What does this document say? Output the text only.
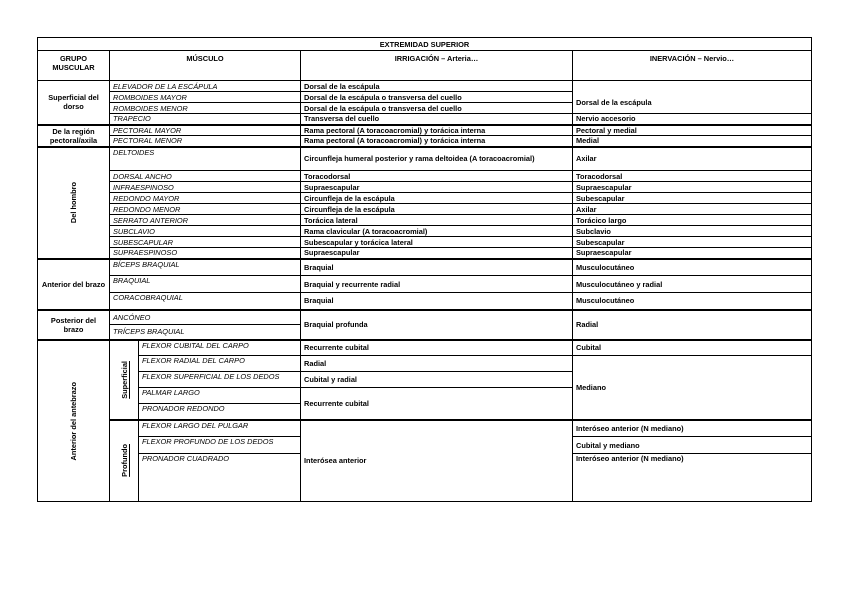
EXTREMIDAD SUPERIOR				
GRUPO MUSCULAR	MÚSCULO		IRRIGACIÓN – Arteria…	INERVACIÓN – Nervio…
Superficial del dorso	ELEVADOR DE LA ESCÁPULA		Dorsal de la escápula	
	ROMBOIDES MAYOR		Dorsal de la escápula o transversa del cuello	Dorsal de la escápula
	ROMBOIDES MENOR		Dorsal de la escápula o transversa del cuello	
	TRAPECIO		Transversa del cuello	Nervio accesorio
De la región pectoral/axila	PECTORAL MAYOR		Rama pectoral (A toracoacromial) y torácica interna	Pectoral y medial
	PECTORAL MENOR		Rama pectoral (A toracoacromial) y torácica interna	Medial

Del hombro	DELTOIDES		Circunfleja humeral posterior y rama deltoidea (A toracoacromial)	Axilar
	DORSAL ANCHO		Toracodorsal	Toracodorsal
	INFRAESPINOSO		Supraescapular	Supraescapular
	REDONDO MAYOR		Circunfleja de la escápula	Subescapular
	REDONDO MENOR		Circunfleja de la escápula	Axilar
	SERRATO ANTERIOR		Torácica lateral	Torácico largo
	SUBCLAVIO		Rama clavicular (A toracoacromial)	Subclavio
	SUBESCAPULAR		Subescapular y torácica lateral	Subescapular
	SUPRAESPINOSO		Supraescapular	Supraescapular
Anterior del brazo	BÍCEPS BRAQUIAL		Braquial	Musculocutáneo
	BRAQUIAL		Braquial y recurrente radial	Musculocutáneo y radial
	CORACOBRAQUIAL		Braquial	Musculocutáneo
Posterior del brazo	ANCÓNEO		Braquial profunda	Radial
	TRÍCEPS BRAQUIAL			

Anterior del antebrazo	Superficial	FLEXOR CUBITAL DEL CARPO	Recurrente cubital	Cubital
		FLEXOR RADIAL DEL CARPO	Radial	Mediano
		FLEXOR SUPERFICIAL DE LOS DEDOS	Cubital y radial	
		PALMAR LARGO	Recurrente cubital	
		PRONADOR REDONDO		

	Profundo	FLEXOR LARGO DEL PULGAR	Interósea anterior	Interóseo anterior (N mediano)
		FLEXOR PROFUNDO DE LOS DEDOS		Cubital y mediano
		PRONADOR CUADRADO		Interóseo anterior (N mediano)
